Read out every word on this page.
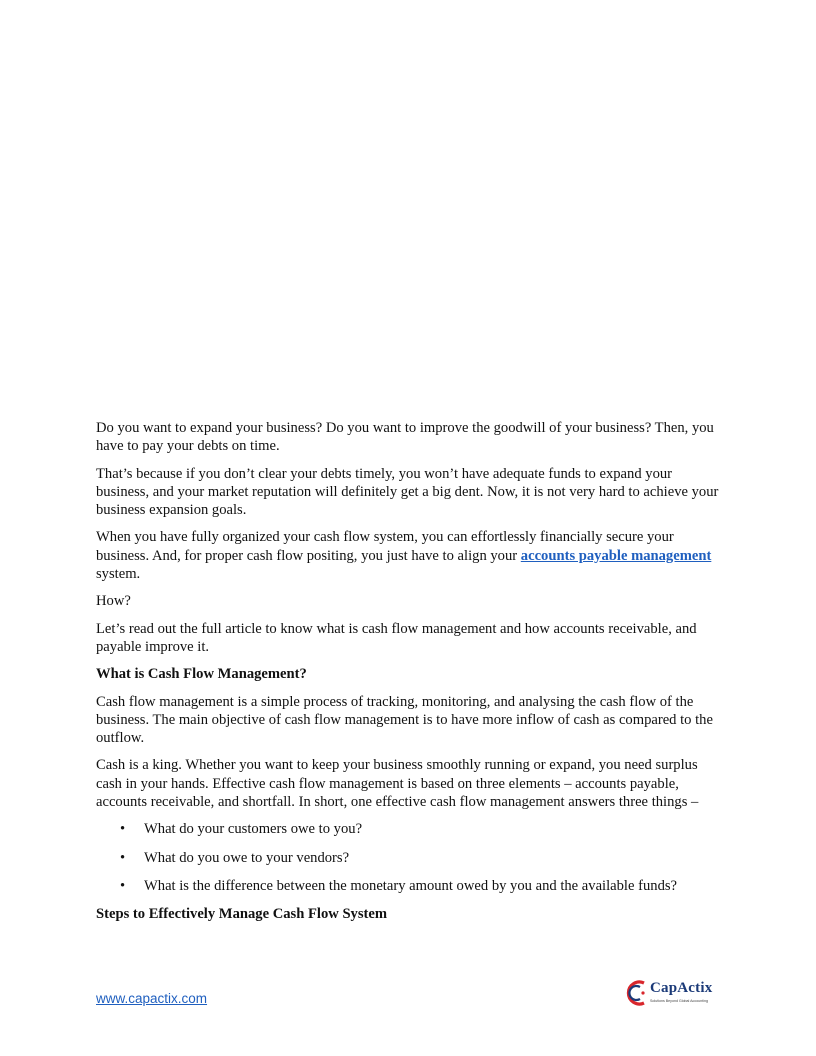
Do you want to expand your business? Do you want to improve the goodwill of your business? Then, you have to pay your debts on time.

That’s because if you don’t clear your debts timely, you won’t have adequate funds to expand your business, and your market reputation will definitely get a big dent. Now, it is not very hard to achieve your business expansion goals.

When you have fully organized your cash flow system, you can effortlessly financially secure your business. And, for proper cash flow positing, you just have to align your accounts payable management system.

How?

Let’s read out the full article to know what is cash flow management and how accounts receivable, and payable improve it.

What is Cash Flow Management?

Cash flow management is a simple process of tracking, monitoring, and analysing the cash flow of the business. The main objective of cash flow management is to have more inflow of cash as compared to the outflow.

Cash is a king. Whether you want to keep your business smoothly running or expand, you need surplus cash in your hands. Effective cash flow management is based on three elements – accounts payable, accounts receivable, and shortfall. In short, one effective cash flow management answers three things –

• What do your customers owe to you?
• What do you owe to your vendors?
• What is the difference between the monetary amount owed by you and the available funds?

Steps to Effectively Manage Cash Flow System

www.capactix.com
CapActix
Solutions Beyond Global Accounting
